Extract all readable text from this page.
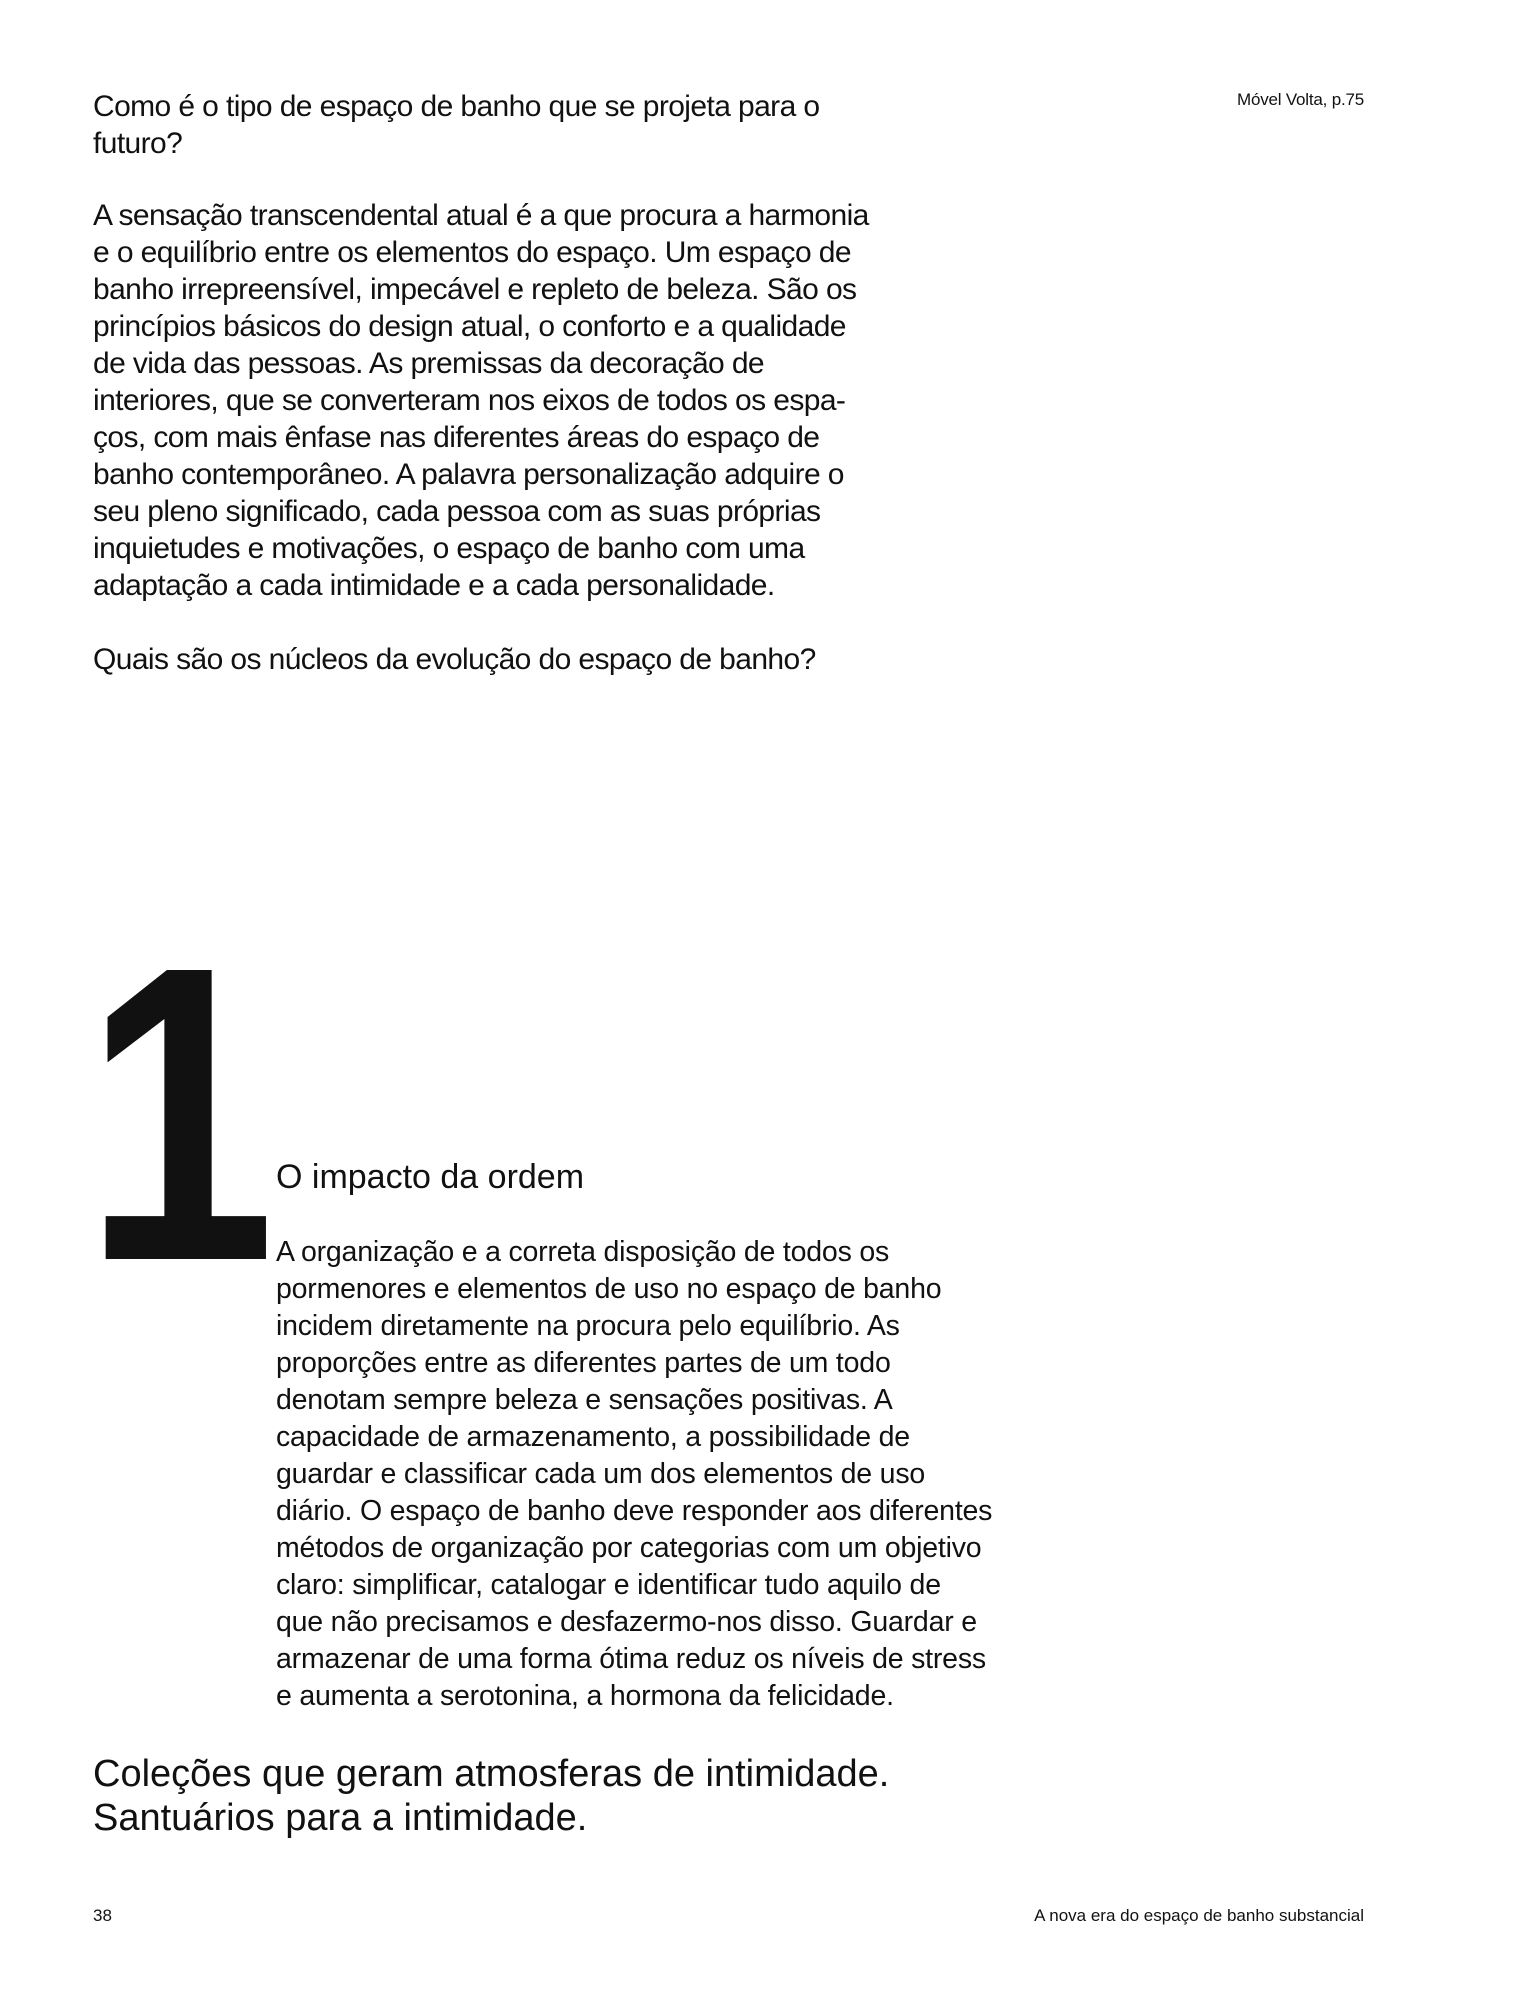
Móvel Volta, p.75
Como é o tipo de espaço de banho que se projeta para o
futuro?
A sensação transcendental atual é a que procura a harmonia
e o equilíbrio entre os elementos do espaço. Um espaço de
banho irrepreensível, impecável e repleto de beleza. São os
princípios básicos do design atual, o conforto e a qualidade
de vida das pessoas. As premissas da decoração de
interiores, que se converteram nos eixos de todos os espa-
ços, com mais ênfase nas diferentes áreas do espaço de
banho contemporâneo. A palavra personalização adquire o
seu pleno significado, cada pessoa com as suas próprias
inquietudes e motivações, o espaço de banho com uma
adaptação a cada intimidade e a cada personalidade.
Quais são os núcleos da evolução do espaço de banho?
1 O impacto da ordem
A organização e a correta disposição de todos os
pormenores e elementos de uso no espaço de banho
incidem diretamente na procura pelo equilíbrio. As
proporções entre as diferentes partes de um todo
denotam sempre beleza e sensações positivas. A
capacidade de armazenamento, a possibilidade de
guardar e classificar cada um dos elementos de uso
diário. O espaço de banho deve responder aos diferentes
métodos de organização por categorias com um objetivo
claro: simplificar, catalogar e identificar tudo aquilo de
que não precisamos e desfazermo-nos disso. Guardar e
armazenar de uma forma ótima reduz os níveis de stress
e aumenta a serotonina, a hormona da felicidade.
Coleções que geram atmosferas de intimidade.
Santuários para a intimidade.
38	A nova era do espaço de banho substancial
